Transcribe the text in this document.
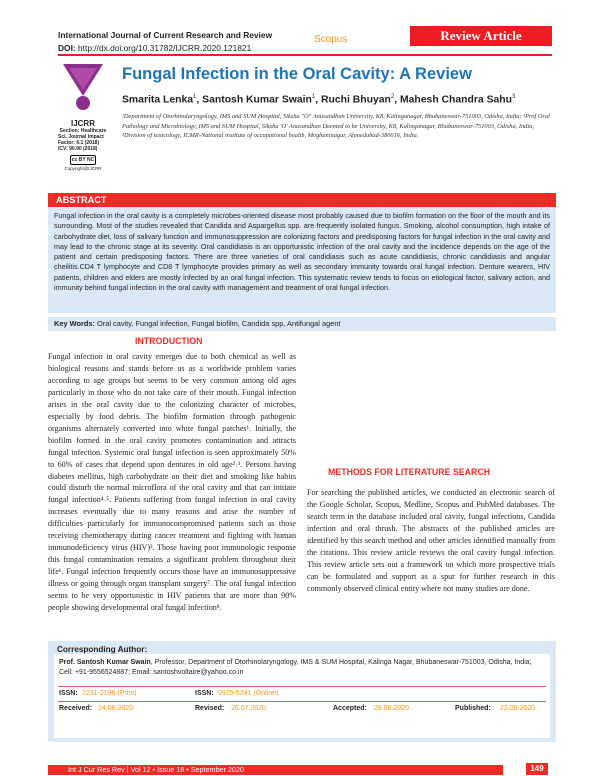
International Journal of Current Research and Review
DOI: http://dx.doi.org/10.31782/IJCRR.2020.121821
Scopus	Review Article
IJCRR
Section: Healthcare
Sci. Journal Impact Factor: 6.1 (2018)
ICV: 90.90 (2018)
cc BY NC
Copyright@IJCRR
Fungal Infection in the Oral Cavity: A Review
Smarita Lenka$^1$, Santosh Kumar Swain$^1$, Ruchi Bhuyan$^2$, Mahesh Chandra Sahu$^3$
¹Department of Otorhinolaryngology, IMS and SUM Hospital, Siksha "O" Anusandhan University, K8, Kalinganagar, Bhubaneswar-751003, Odisha, India; ²Prof Oral Pathology and Microbiology, IMS and SUM Hospital, Siksha 'O' Anusandhan Deemed to be University, K8, Kalinganagar, Bhubaneswar-751003, Odisha, India; ³Division of toxicology, ICMR-National institute of occupational health, Meghaninagar, Ahmedabad-380016, India.
ABSTRACT
Fungal infection in the oral cavity is a completely microbes-oriented disease most probably caused due to biofilm formation on the floor of the mouth and its surrounding. Most of the studies revealed that Candida and Aspargellus spp. are frequently isolated fungus. Smoking, alcohol consumption, high intake of carbohydrate diet, loss of salivary function and immunosuppression are colonizing factors and predisposing factors for fungal infection in the oral cavity and may lead to the chronic stage at its severity. Oral candidiasis is an opportunistic infection of the oral cavity and the incidence depends on the age of the patient and certain predisposing factors. There are three varieties of oral candidiasis such as acute candidiasis, chronic candidiasis and angular cheilitis.CD4 T lymphocyte and CD8 T lymphocyte provides primary as well as secondary immunity towards oral fungal infection. Denture wearers, HIV patients, children and elders are mostly infected by an oral fungal infection. This systematic review tends to focus on etiological factor, salivary action, and immunity behind fungal infection in the oral cavity with management and treatment of oral fungal infection.
Key Words: Oral cavity, Fungal infection, Fungal biofilm, Candida spp, Antifungal agent
INTRODUCTION
Fungal infection in oral cavity emerges due to both chemical as well as biological reasons and stands before us as a worldwide problem varies according to age groups but seems to be very common among old ages particularly in those who do not take care of their mouth. Fungal infection arises in the oral cavity due to the colonizing character of microbes, especially by food debris. The biofilm formation through pathogenic organisms alternately converted into white fungal patches¹. Initially, the biofilm formed in the oral cavity promotes contamination and attracts fungal infection. Systemic oral fungal infection is seen approximately 50% to 60% of cases that depend upon dentures in old age²˒³. Persons having diabetes mellitus, high carbohydrate on their diet and smoking like habits could disturb the normal microflora of the oral cavity and that can initiate fungal infection⁴˒⁵. Patients suffering from fungal infection in oral cavity increases eventually due to many reasons and arise the number of difficulties particularly for immunocompromised patients such as those receiving chemotherapy during cancer treatment and fighting with human immunodeficiency virus (HIV)². Those having poor immunologic response this fungal contamination remains a significant problem throughout their life⁶. Fungal infection frequently occurs those have an immunosuppressive illness or going through organ transplant surgery⁷. The oral fungal infection seems to be very opportunistic in HIV patients that are more than 90% people showing developmental oral fungal infection⁸.
METHODS FOR LITERATURE SEARCH
For searching the published articles, we conducted an electronic search of the Google Scholar, Scopus, Medline, Scopus and PubMed databases. The search term in the database included oral cavity, fungal infections, Candida infection and oral thrush. The abstracts of the published articles are identified by this search method and other articles identified manually from the citations. This review article reviews the oral cavity fungal infection. This review article sets out a framework on which more prospective trials can be formulated and support as a spur for further research in this commonly observed clinical entity where not many studies are done.
Corresponding Author:
Prof. Santosh Kumar Swain, Professor, Department of Otorhinolaryngology, IMS & SUM Hospital, Kalinga Nagar, Bhubaneswar-751003, Odisha, India; Cell: +91-9556524887; Email: santoshvoltaire@yahoo.co.in
ISSN: 2231-2196 (Print)	ISSN: 0975-5241 (Online)
Received: 24.06.2020	Revised: 26.07.2020	Accepted: 28.08.2020	Published: 22.09.2020
Int J Cur Res Rev | Vol 12 • Issue 18 • September 2020	149
